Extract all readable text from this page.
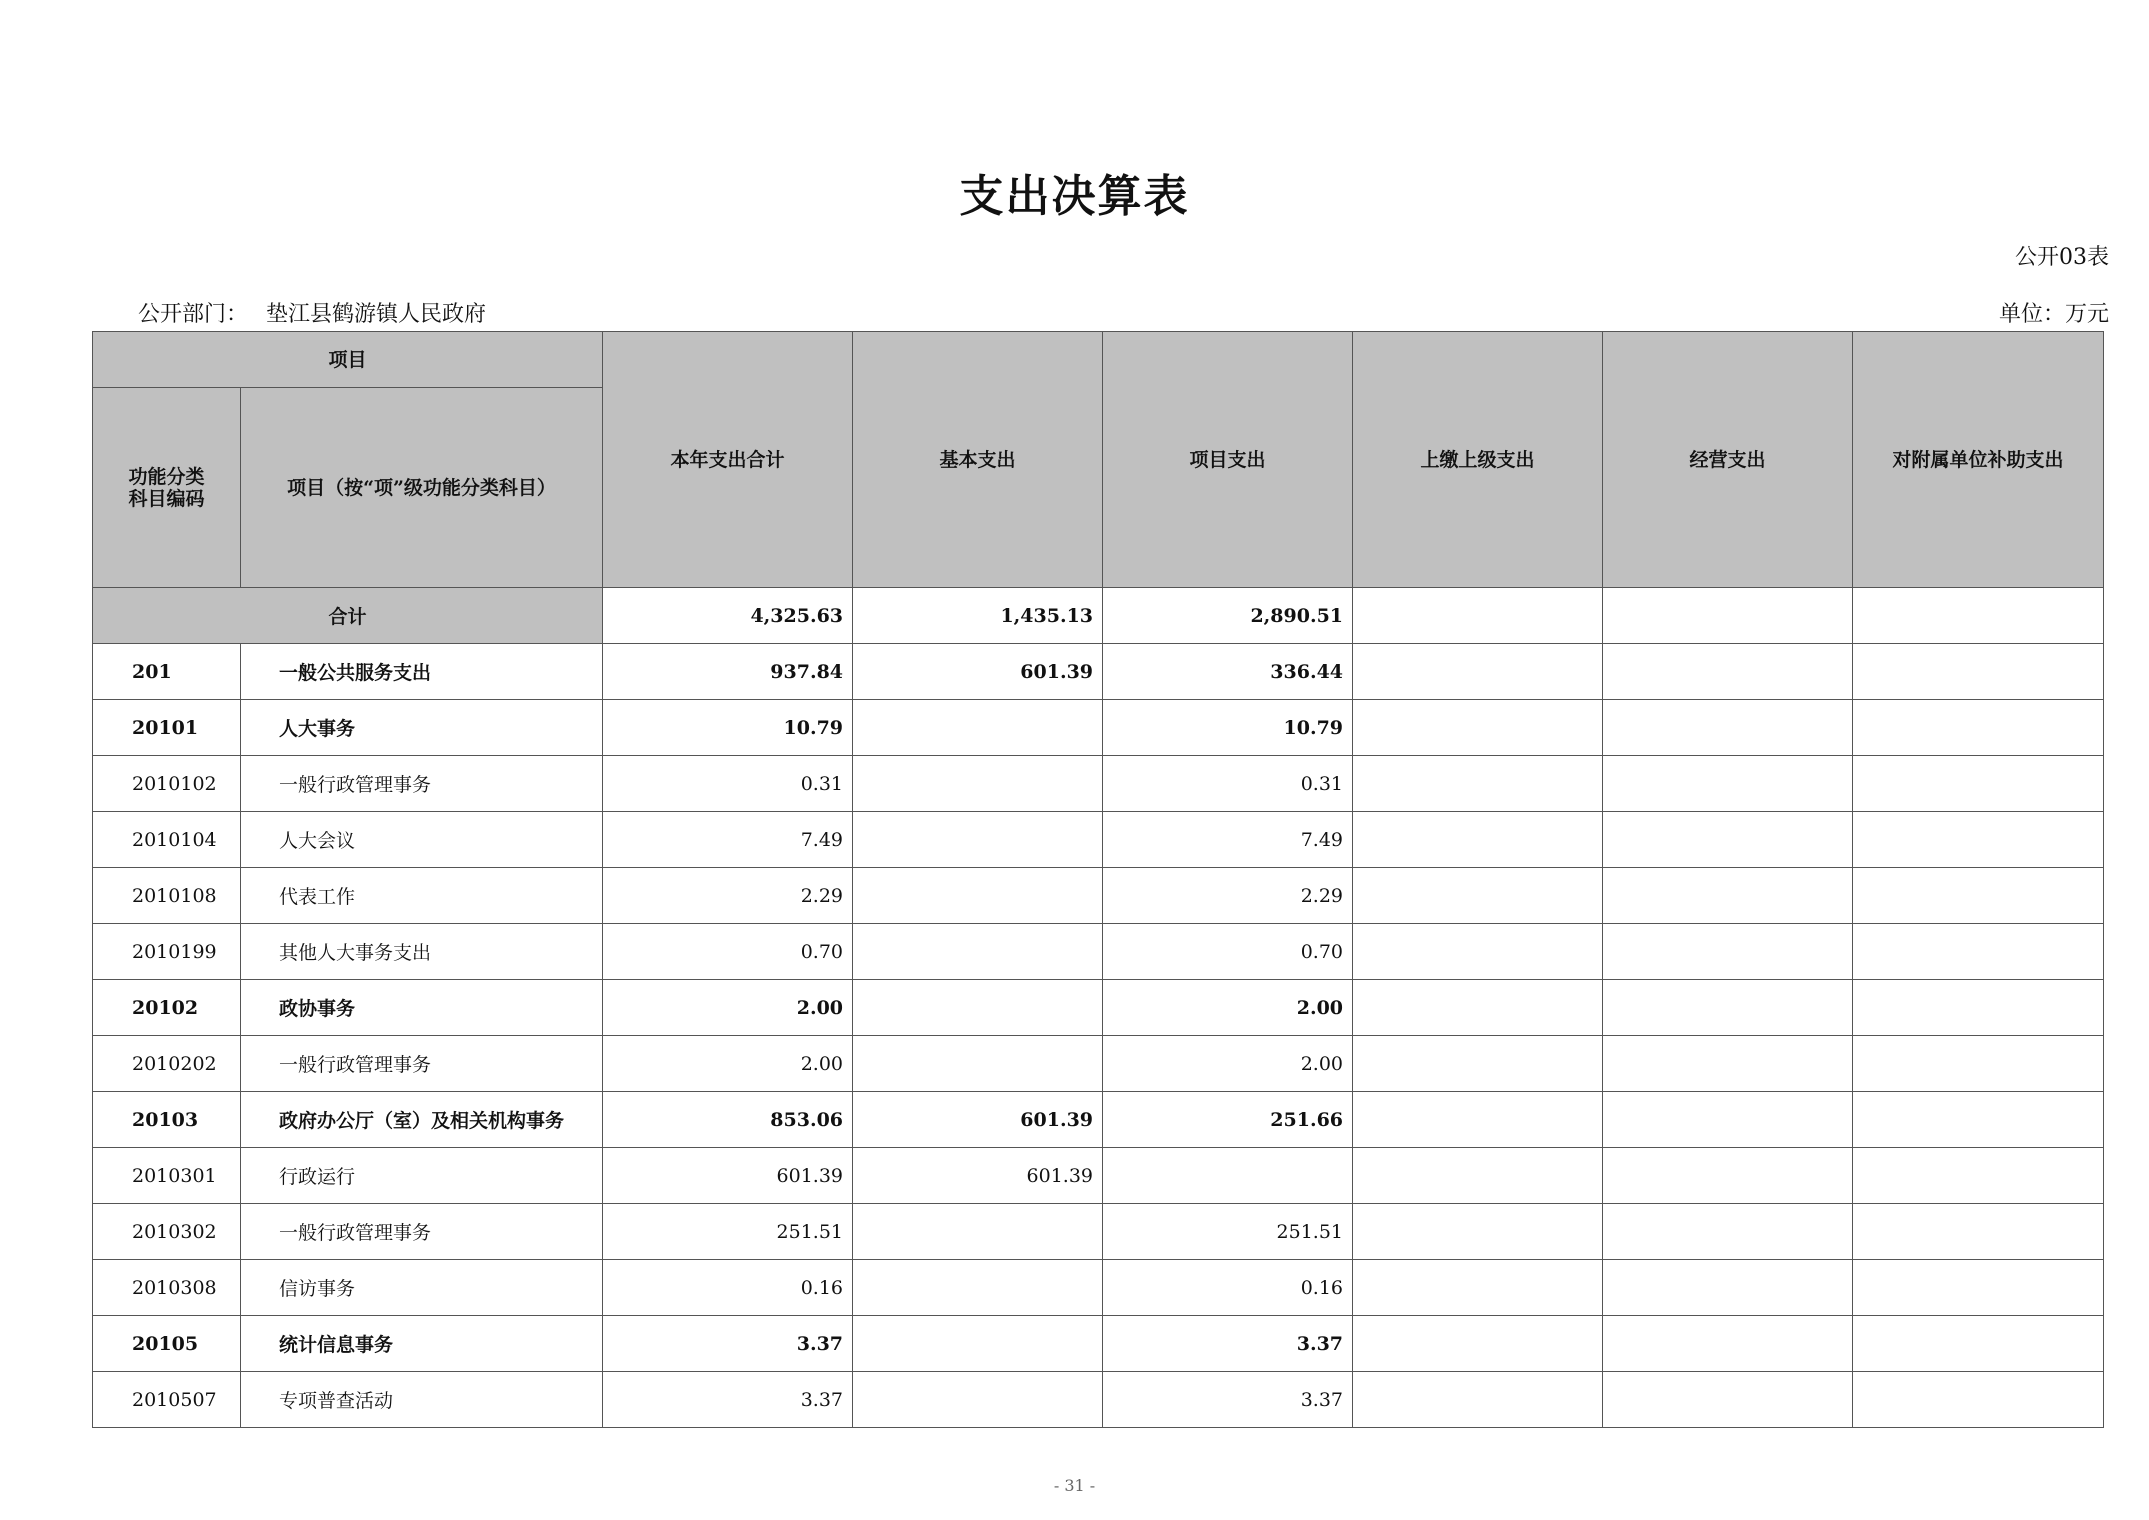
支出决算表
公开03表
公开部门： 垫江县鹤游镇人民政府	单位：万元
项目		本年支出合计	基本支出	项目支出	上缴上级支出	经营支出	对附属单位补助支出
功能分类
科目编码	项目（按“项”级功能分类科目）						
合计		4,325.63	1,435.13	2,890.51			
201	一般公共服务支出	937.84	601.39	336.44			
20101	人大事务	10.79		10.79			
2010102	一般行政管理事务	0.31		0.31			
2010104	人大会议	7.49		7.49			
2010108	代表工作	2.29		2.29			
2010199	其他人大事务支出	0.70		0.70			
20102	政协事务	2.00		2.00			
2010202	一般行政管理事务	2.00		2.00			
20103	政府办公厅（室）及相关机构事务	853.06	601.39	251.66			
2010301	行政运行	601.39	601.39				
2010302	一般行政管理事务	251.51		251.51			
2010308	信访事务	0.16		0.16			
20105	统计信息事务	3.37		3.37			
2010507	专项普查活动	3.37		3.37			
- 31 -
